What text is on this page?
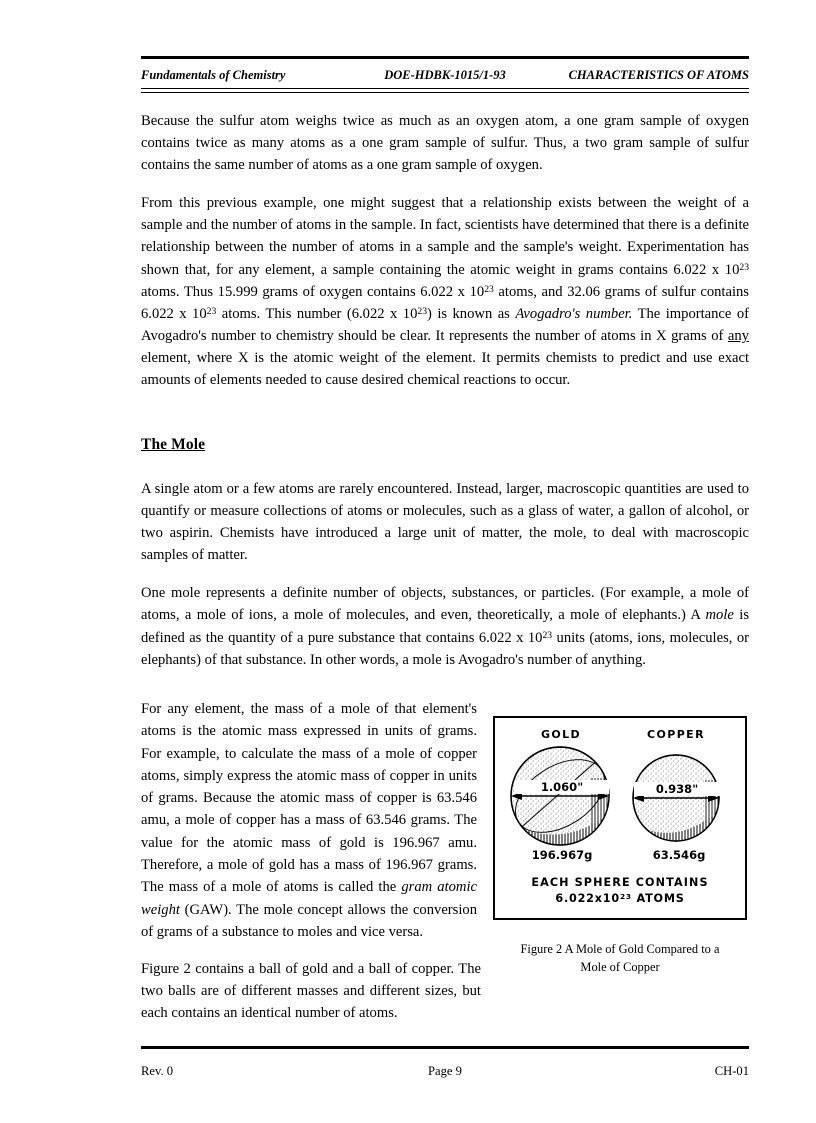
Fundamentals of Chemistry	DOE-HDBK-1015/1-93	CHARACTERISTICS OF ATOMS

Because the sulfur atom weighs twice as much as an oxygen atom, a one gram sample of oxygen contains twice as many atoms as a one gram sample of sulfur. Thus, a two gram sample of sulfur contains the same number of atoms as a one gram sample of oxygen.

From this previous example, one might suggest that a relationship exists between the weight of a sample and the number of atoms in the sample. In fact, scientists have determined that there is a definite relationship between the number of atoms in a sample and the sample's weight. Experimentation has shown that, for any element, a sample containing the atomic weight in grams contains 6.022 x $10^{23}$ atoms. Thus 15.999 grams of oxygen contains 6.022 x $10^{23}$ atoms, and 32.06 grams of sulfur contains 6.022 x $10^{23}$ atoms. This number (6.022 x $10^{23}$) is known as Avogadro's number. The importance of Avogadro's number to chemistry should be clear. It represents the number of atoms in X grams of any element, where X is the atomic weight of the element. It permits chemists to predict and use exact amounts of elements needed to cause desired chemical reactions to occur.

The Mole

A single atom or a few atoms are rarely encountered. Instead, larger, macroscopic quantities are used to quantify or measure collections of atoms or molecules, such as a glass of water, a gallon of alcohol, or two aspirin. Chemists have introduced a large unit of matter, the mole, to deal with macroscopic samples of matter.

One mole represents a definite number of objects, substances, or particles. (For example, a mole of atoms, a mole of ions, a mole of molecules, and even, theoretically, a mole of elephants.) A mole is defined as the quantity of a pure substance that contains 6.022 x $10^{23}$ units (atoms, ions, molecules, or elephants) of that substance. In other words, a mole is Avogadro's number of anything.

For any element, the mass of a mole of that element's atoms is the atomic mass expressed in units of grams. For example, to calculate the mass of a mole of copper atoms, simply express the atomic mass of copper in units of grams. Because the atomic mass of copper is 63.546 amu, a mole of copper has a mass of 63.546 grams. The value for the atomic mass of gold is 196.967 amu. Therefore, a mole of gold has a mass of 196.967 grams. The mass of a mole of atoms is called the gram atomic weight (GAW). The mole concept allows the conversion of grams of a substance to moles and vice versa.

Figure 2 contains a ball of gold and a ball of copper. The two balls are of different masses and different sizes, but each contains an identical number of atoms.

GOLD	COPPER
1.060"	0.938"
196.967g	63.546g
EACH SPHERE CONTAINS
$6.022x10^{23}$ ATOMS
Figure 2 A Mole of Gold Compared to a
Mole of Copper
Rev. 0	Page 9	CH-01
